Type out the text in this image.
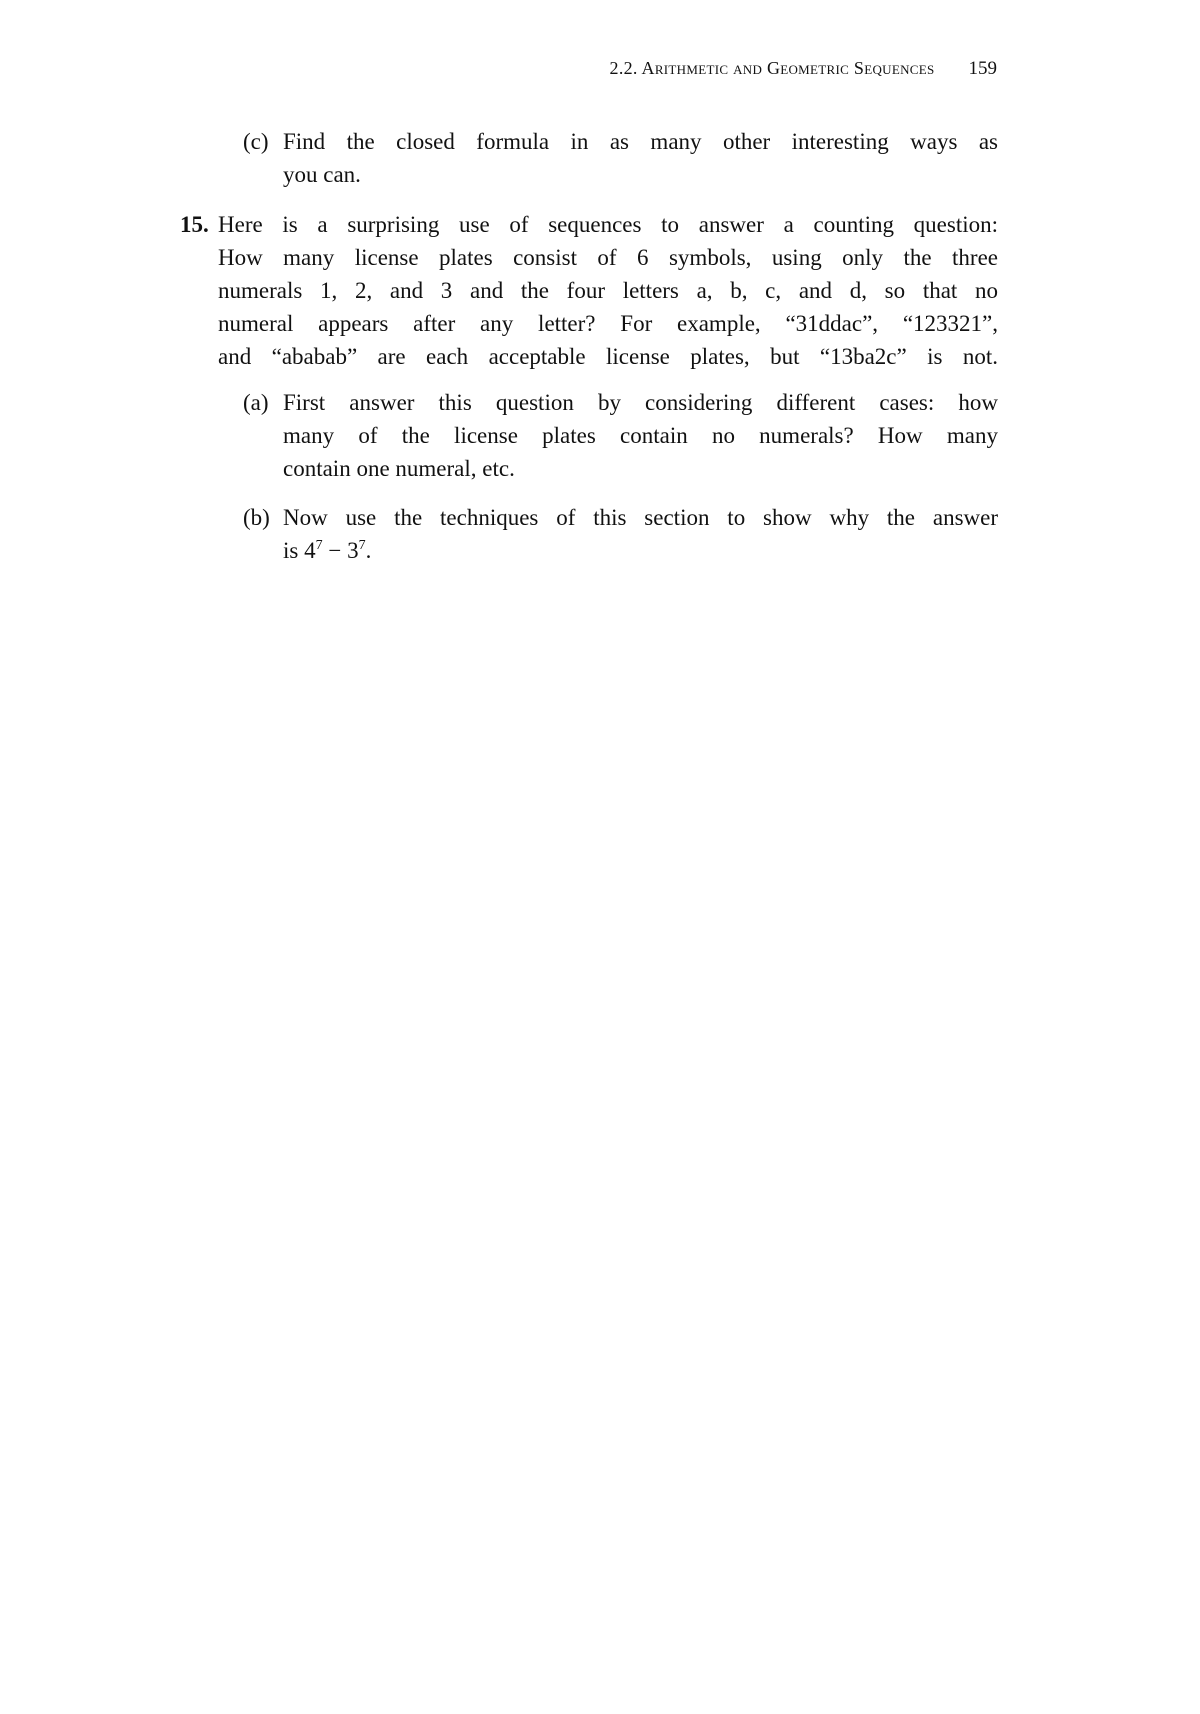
2.2. Arithmetic and Geometric Sequences 159
(c) Find the closed formula in as many other interesting ways as
you can.
15. Here is a surprising use of sequences to answer a counting question:
How many license plates consist of 6 symbols, using only the three
numerals 1, 2, and 3 and the four letters a, b, c, and d, so that no
numeral appears after any letter? For example, “31ddac”, “123321”,
and “ababab” are each acceptable license plates, but “13ba2c” is not.
(a) First answer this question by considering different cases: how
many of the license plates contain no numerals? How many
contain one numeral, etc.
(b) Now use the techniques of this section to show why the answer
is $4^7 - 3^7$.
